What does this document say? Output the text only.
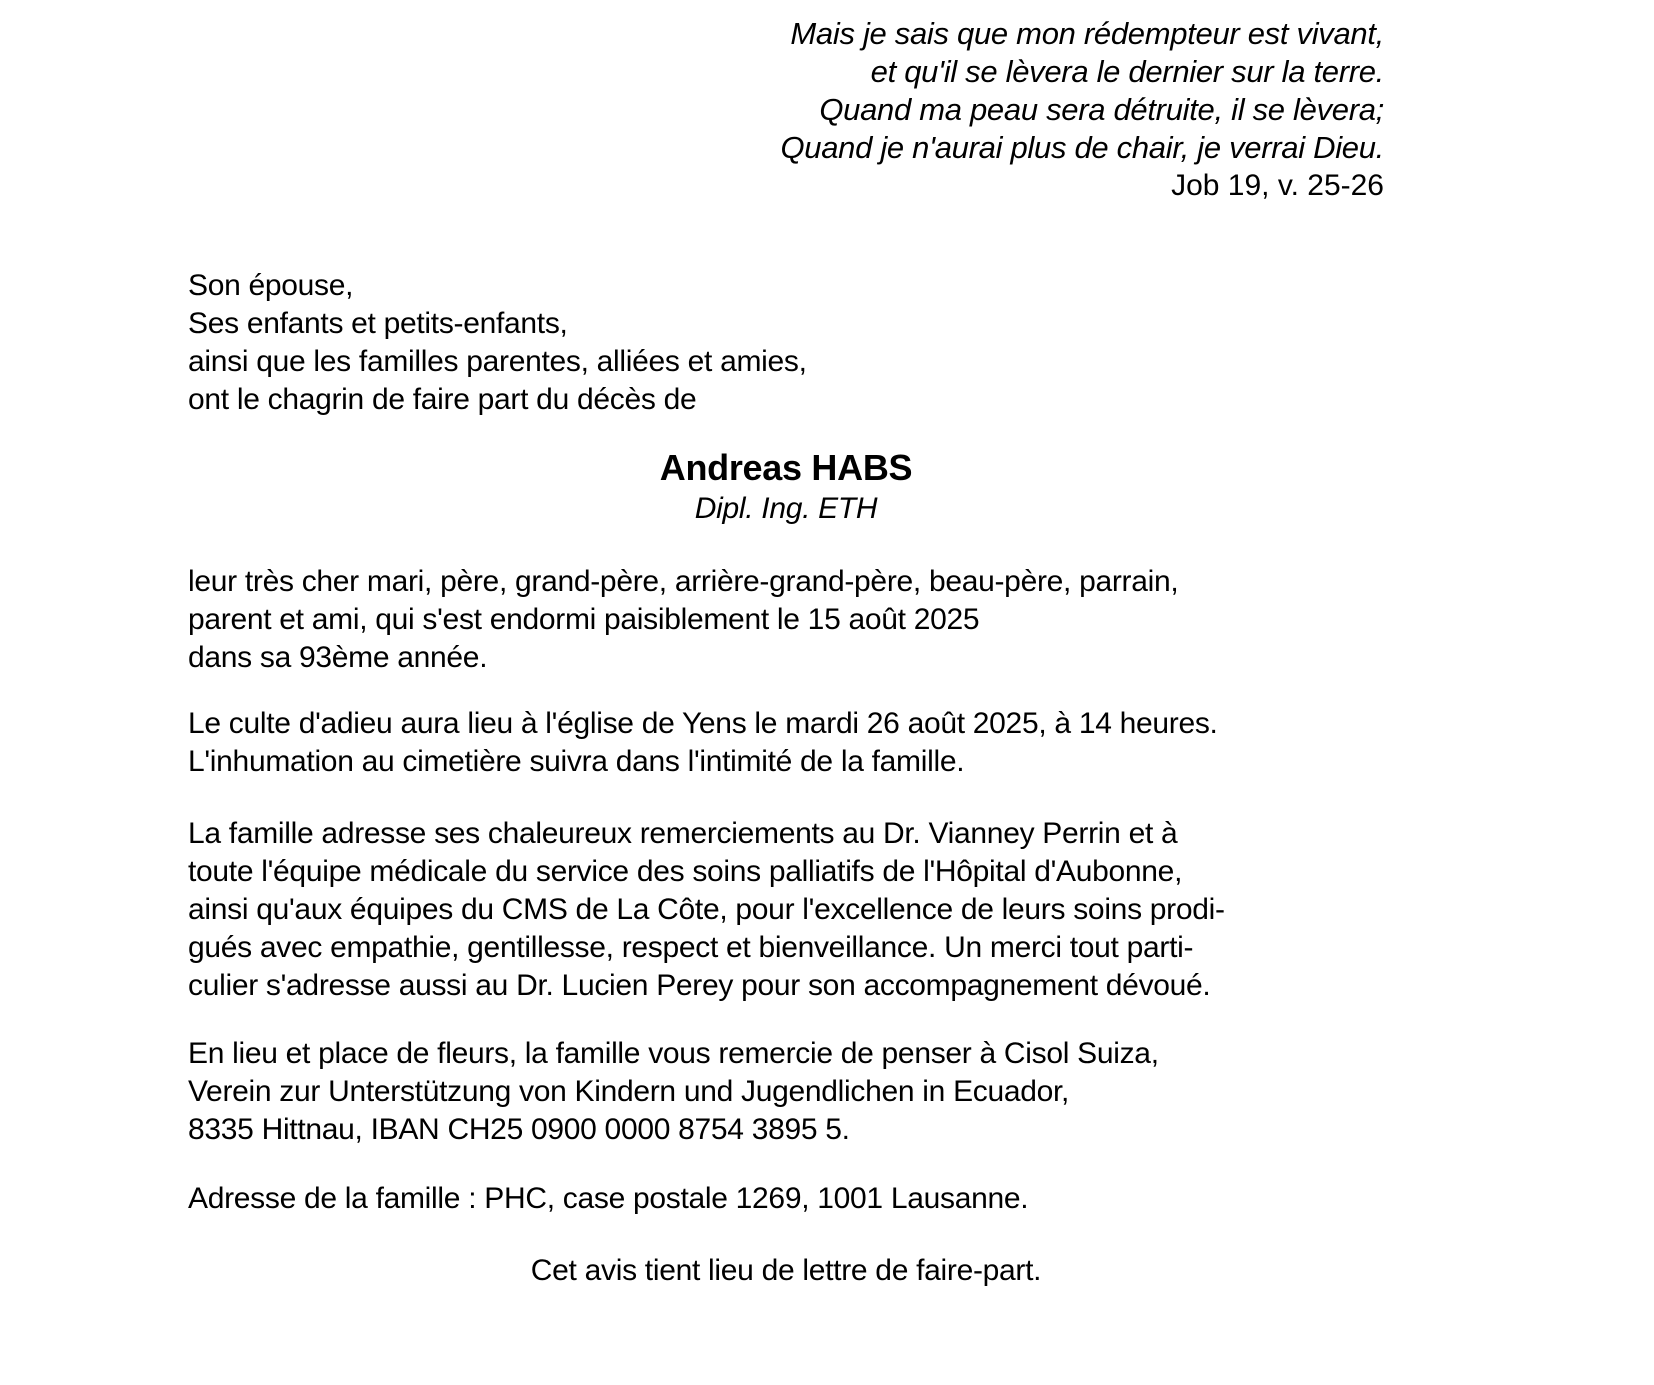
Mais je sais que mon rédempteur est vivant,
et qu'il se lèvera le dernier sur la terre.
Quand ma peau sera détruite, il se lèvera;
Quand je n'aurai plus de chair, je verrai Dieu.
Job 19, v. 25-26
Son épouse,
Ses enfants et petits-enfants,
ainsi que les familles parentes, alliées et amies,
ont le chagrin de faire part du décès de
Andreas HABS
Dipl. Ing. ETH
leur très cher mari, père, grand-père, arrière-grand-père, beau-père, parrain,
parent et ami, qui s'est endormi paisiblement le 15 août 2025
dans sa 93ème année.
Le culte d'adieu aura lieu à l'église de Yens le mardi 26 août 2025, à 14 heures.
L'inhumation au cimetière suivra dans l'intimité de la famille.
La famille adresse ses chaleureux remerciements au Dr. Vianney Perrin et à
toute l'équipe médicale du service des soins palliatifs de l'Hôpital d'Aubonne,
ainsi qu'aux équipes du CMS de La Côte, pour l'excellence de leurs soins prodi-
gués avec empathie, gentillesse, respect et bienveillance. Un merci tout parti-
culier s'adresse aussi au Dr. Lucien Perey pour son accompagnement dévoué.
En lieu et place de fleurs, la famille vous remercie de penser à Cisol Suiza,
Verein zur Unterstützung von Kindern und Jugendlichen in Ecuador,
8335 Hittnau, IBAN CH25 0900 0000 8754 3895 5.
Adresse de la famille : PHC, case postale 1269, 1001 Lausanne.
Cet avis tient lieu de lettre de faire-part.
